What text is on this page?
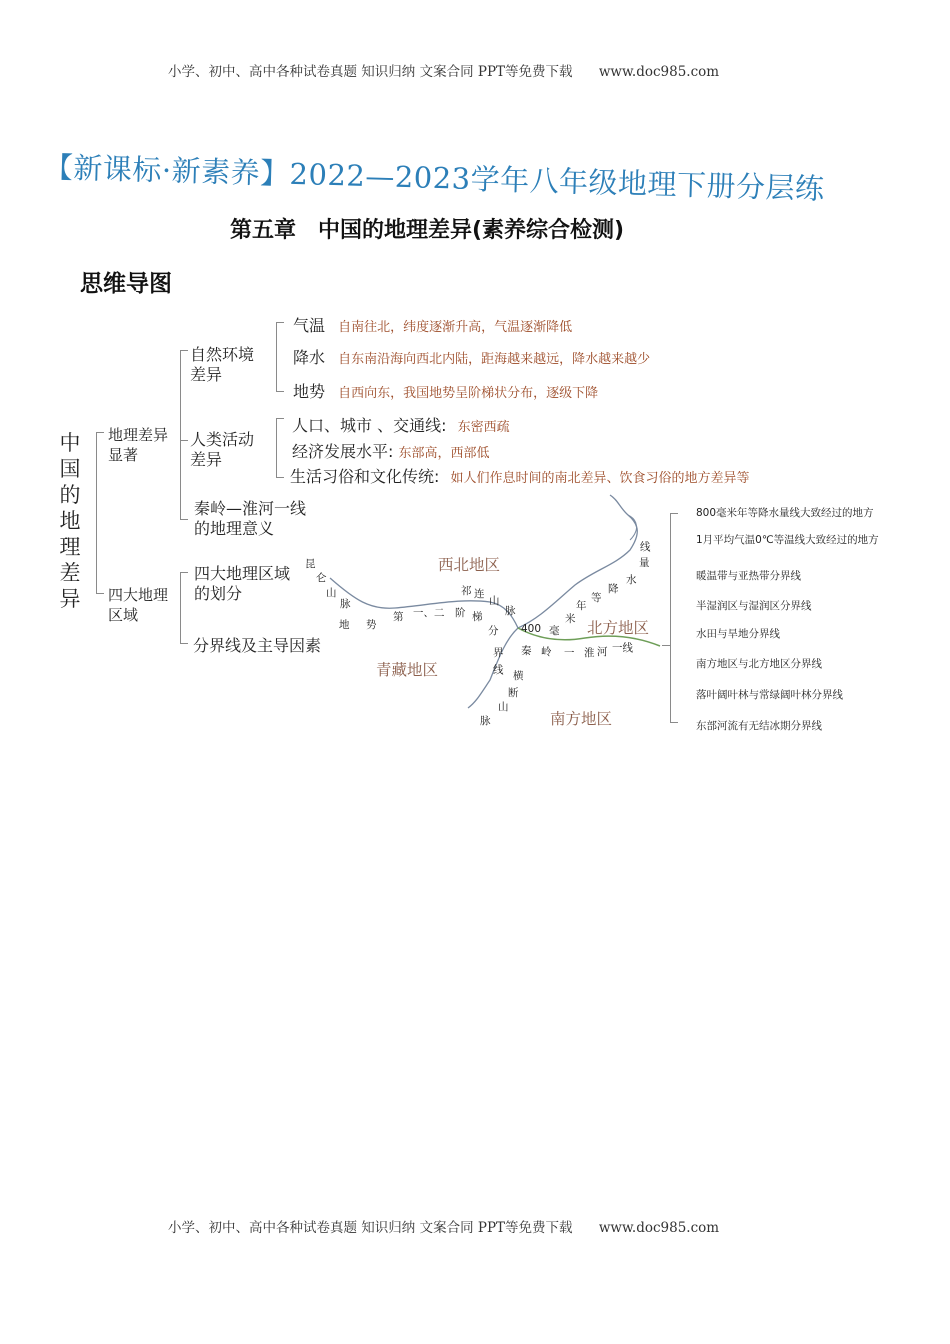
小学、初中、高中各种试卷真题 知识归纳 文案合同 PPT等免费下载 www.doc985.com
【新课标·新素养】2022—2023学年八年级地理下册分层练
第五章　中国的地理差异(素养综合检测)
思维导图
中国的地理差异
地理差异显著
自然环境差异
气温 自南往北，纬度逐渐升高，气温逐渐降低
降水 自东南沿海向西北内陆，距海越来越远，降水越来越少
地势 自西向东，我国地势呈阶梯状分布，逐级下降
人类活动差异
人口、城市 、交通线: 东密西疏
经济发展水平: 东部高，西部低
生活习俗和文化传统: 如人们作息时间的南北差异、饮食习俗的地方差异等
秦岭—淮河一线的地理意义
四大地理区域
四大地理区域的划分
分界线及主导因素
西北地区
北方地区
青藏地区
南方地区
昆
仑
山
脉
地 势
第 一、二 阶 梯
分
界
线
祁 连
山
脉
横
断
山
脉
400 毫
米
年
等
降
水
量
线
秦 岭 一 淮 河 一线
800毫米年等降水量线大致经过的地方
1月平均气温0℃等温线大致经过的地方
暖温带与亚热带分界线
半湿润区与湿润区分界线
水田与旱地分界线
南方地区与北方地区分界线
落叶阔叶林与常绿阔叶林分界线
东部河流有无结冰期分界线
小学、初中、高中各种试卷真题 知识归纳 文案合同 PPT等免费下载 www.doc985.com
